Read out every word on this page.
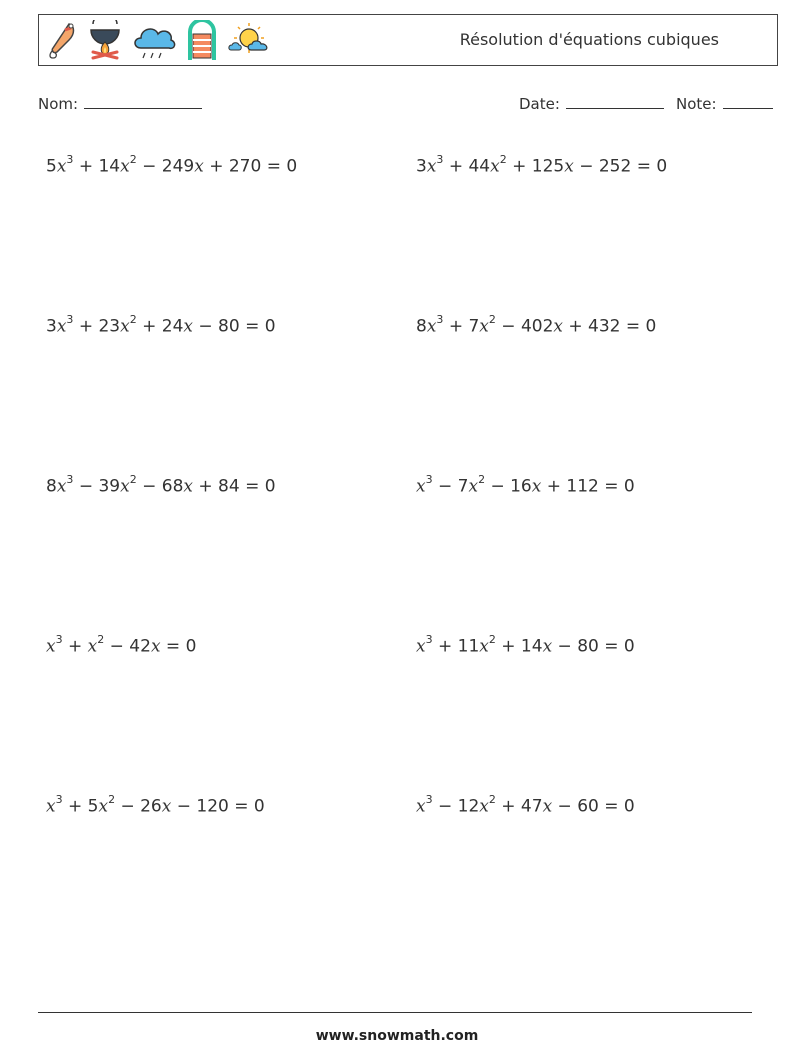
Résolution d'équations cubiques
Nom:	Date:	Note:
$5x^3 + 14x^2 - 249x + 270 = 0$	$3x^3 + 44x^2 + 125x - 252 = 0$
$3x^3 + 23x^2 + 24x - 80 = 0$	$8x^3 + 7x^2 - 402x + 432 = 0$
$8x^3 - 39x^2 - 68x + 84 = 0$	$x^3 - 7x^2 - 16x + 112 = 0$
$x^3 + x^2 - 42x = 0$	$x^3 + 11x^2 + 14x - 80 = 0$
$x^3 + 5x^2 - 26x - 120 = 0$	$x^3 - 12x^2 + 47x - 60 = 0$
www.snowmath.com
